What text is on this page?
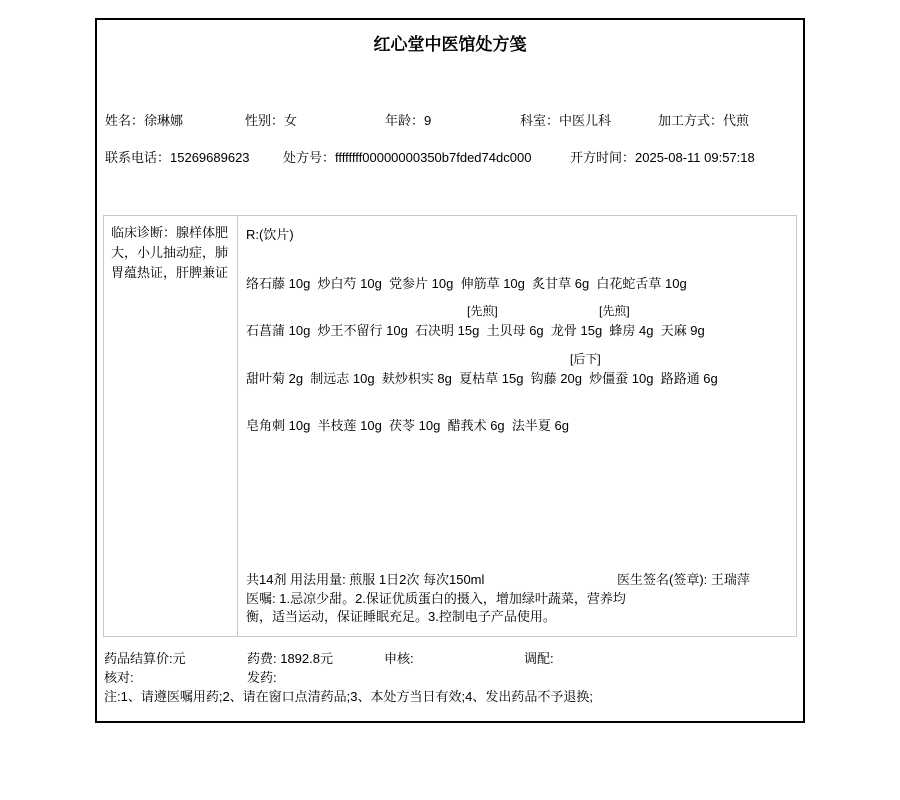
红心堂中医馆处方笺
姓名：徐琳娜	性别：女	年龄：9	科室：中医儿科	加工方式：代煎
联系电话：15269689623	处方号：ffffffff00000000350b7fded74dc000	开方时间：2025-08-11 09:57:18
临床诊断：腺样体肥大，小儿抽动症，肺胃蕴热证，肝脾兼证
R:(饮片)
络石藤 10g  炒白芍 10g  党参片 10g  伸筋草 10g  炙甘草 6g  白花蛇舌草 10g
[先煎]	[先煎]
石菖蒲 10g  炒王不留行 10g  石决明 15g  土贝母 6g  龙骨 15g  蜂房 4g  天麻 9g
[后下]
甜叶菊 2g  制远志 10g  麸炒枳实 8g  夏枯草 15g  钩藤 20g  炒僵蚕 10g  路路通 6g
皂角刺 10g  半枝莲 10g  茯苓 10g  醋莪术 6g  法半夏 6g
共14剂 用法用量: 煎服 1日2次 每次150ml	医生签名(签章): 王瑞萍
医嘱: 1.忌凉少甜。2.保证优质蛋白的摄入，增加绿叶蔬菜，营养均衡，适当运动，保证睡眠充足。3.控制电子产品使用。
药品结算价:元	药费: 1892.8元	申核:	调配:
核对:	发药:
注:1、请遵医嘱用药;2、请在窗口点清药品;3、本处方当日有效;4、发出药品不予退换;
